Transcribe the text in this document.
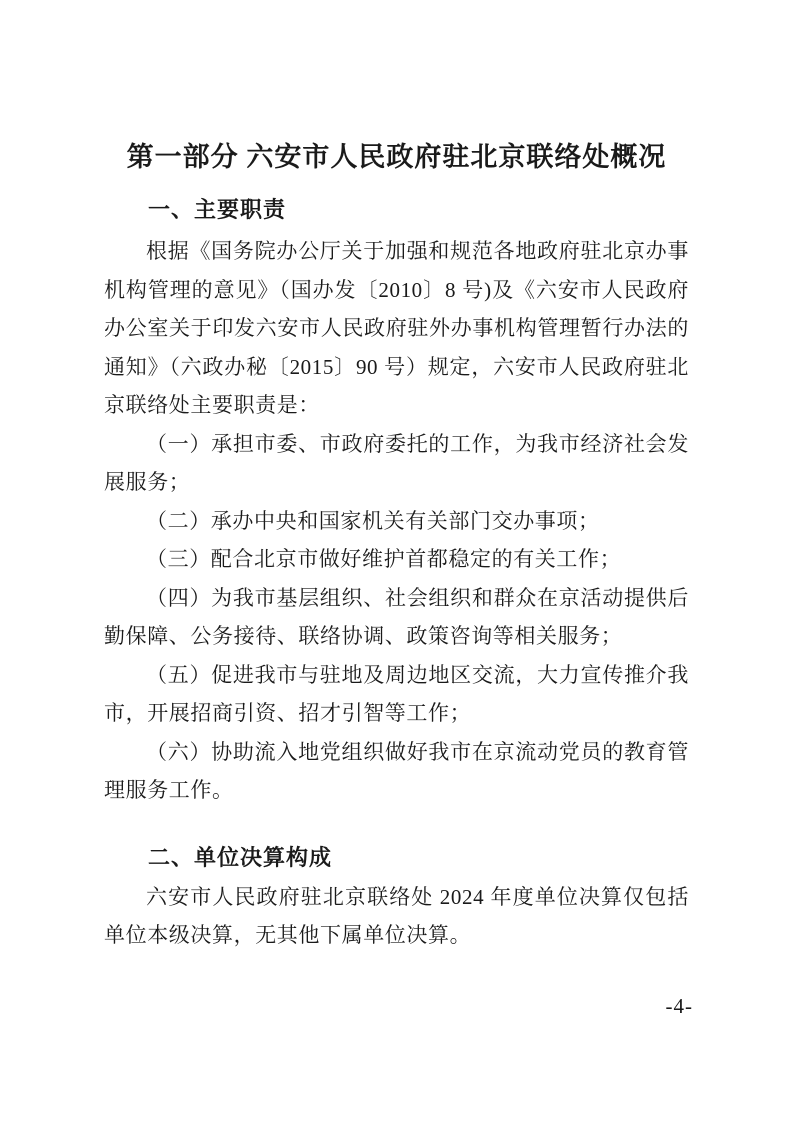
第一部分 六安市人民政府驻北京联络处概况
一、主要职责

根据《国务院办公厅关于加强和规范各地政府驻北京办事机构管理的意见》（国办发〔2010〕8 号)及《六安市人民政府办公室关于印发六安市人民政府驻外办事机构管理暂行办法的通知》（六政办秘〔2015〕90 号）规定，六安市人民政府驻北京联络处主要职责是：

（一）承担市委、市政府委托的工作，为我市经济社会发展服务；

（二）承办中央和国家机关有关部门交办事项；

（三）配合北京市做好维护首都稳定的有关工作；

（四）为我市基层组织、社会组织和群众在京活动提供后勤保障、公务接待、联络协调、政策咨询等相关服务；

（五）促进我市与驻地及周边地区交流，大力宣传推介我市，开展招商引资、招才引智等工作；

（六）协助流入地党组织做好我市在京流动党员的教育管理服务工作。

二、单位决算构成

六安市人民政府驻北京联络处 2024 年度单位决算仅包括单位本级决算，无其他下属单位决算。

-4-
